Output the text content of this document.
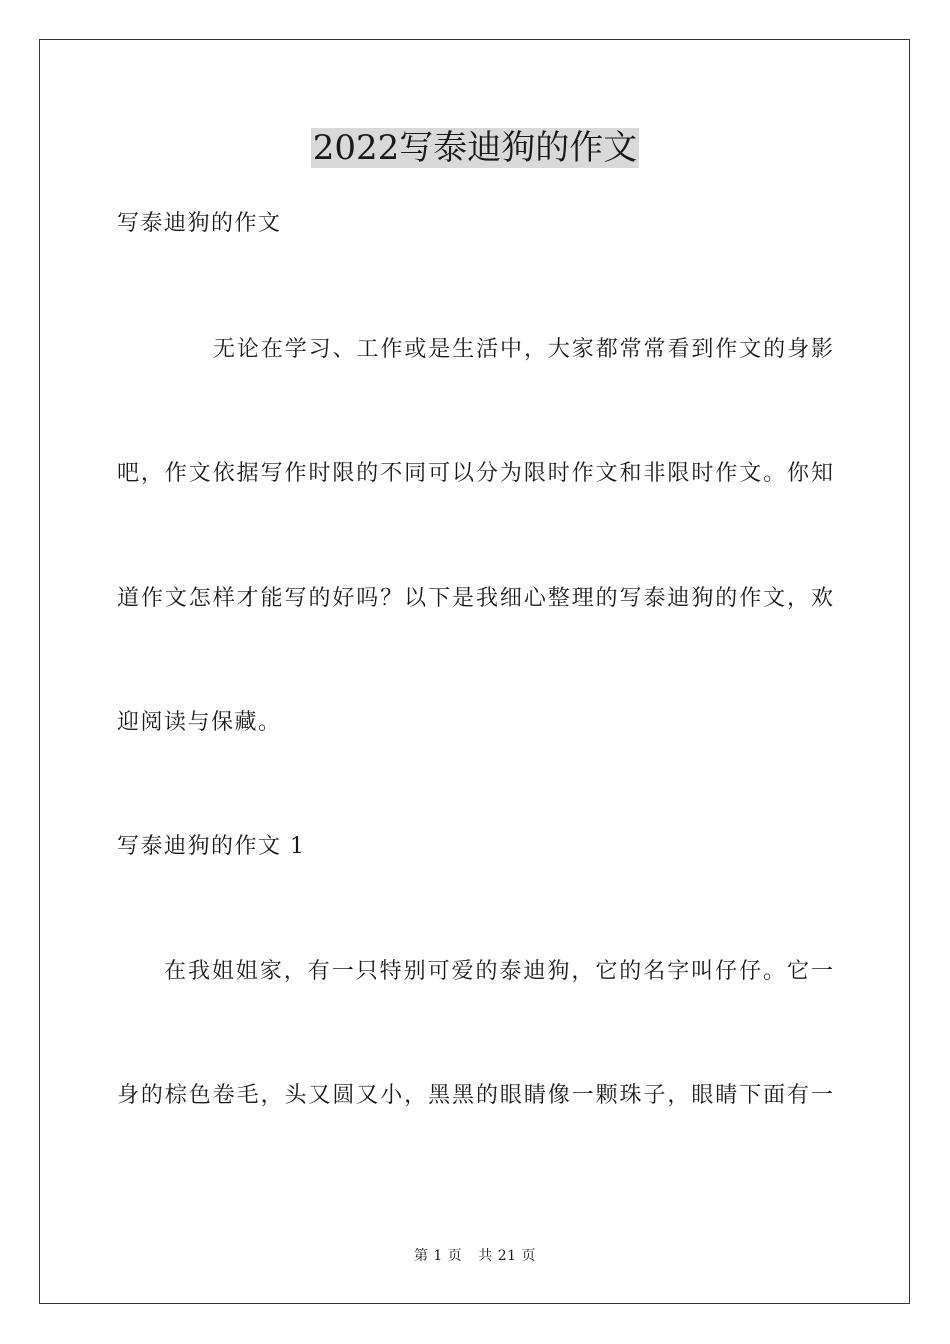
2022写泰迪狗的作文

写泰迪狗的作文

无论在学习、工作或是生活中，大家都常常看到作文的身影

吧，作文依据写作时限的不同可以分为限时作文和非限时作文。你知

道作文怎样才能写的好吗？以下是我细心整理的写泰迪狗的作文，欢

迎阅读与保藏。

写泰迪狗的作文 1

在我姐姐家，有一只特别可爱的泰迪狗，它的名字叫仔仔。它一

身的棕色卷毛，头又圆又小，黑黑的眼睛像一颗珠子，眼睛下面有一

第 1 页 共 21 页
